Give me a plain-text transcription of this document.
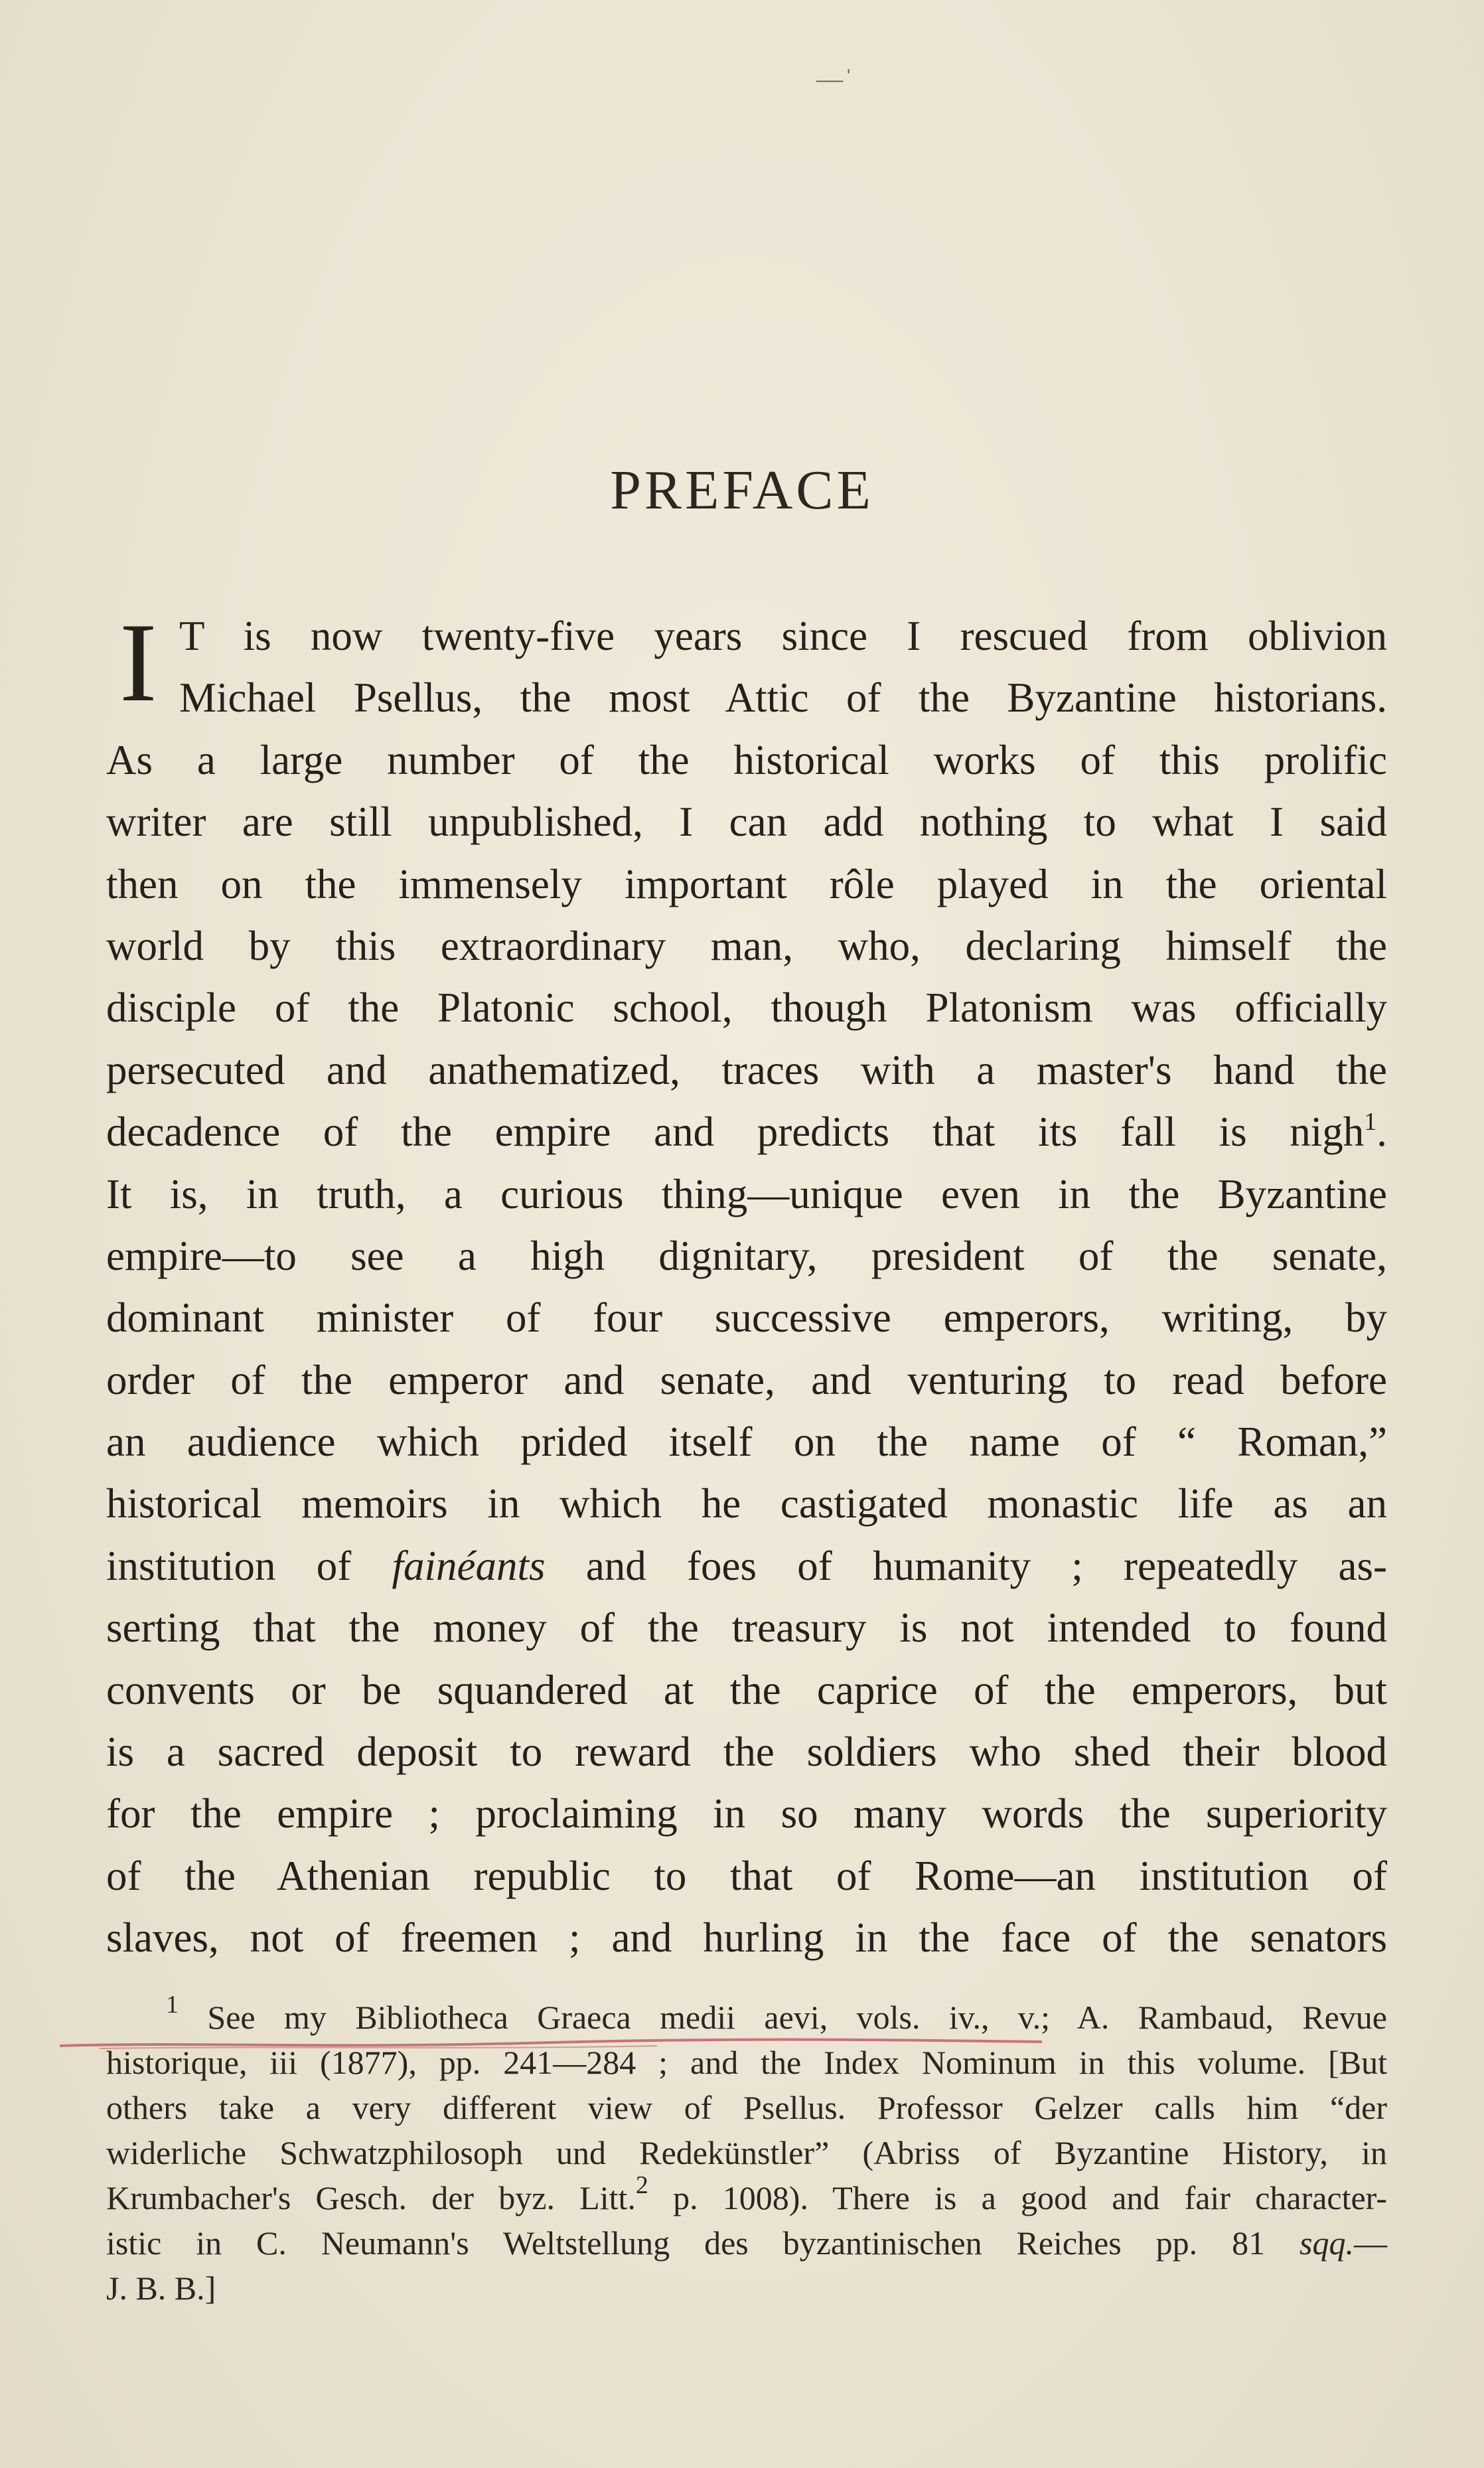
—ˈ
PREFACE
I T is now twenty-five years since I rescued from oblivion
Michael Psellus, the most Attic of the Byzantine historians.
As a large number of the historical works of this prolific
writer are still unpublished, I can add nothing to what I said
then on the immensely important rôle played in the oriental
world by this extraordinary man, who, declaring himself the
disciple of the Platonic school, though Platonism was officially
persecuted and anathematized, traces with a master's hand the
decadence of the empire and predicts that its fall is nigh$^1$.
It is, in truth, a curious thing—unique even in the Byzantine
empire—to see a high dignitary, president of the senate,
dominant minister of four successive emperors, writing, by
order of the emperor and senate, and venturing to read before
an audience which prided itself on the name of “ Roman,”
historical memoirs in which he castigated monastic life as an
institution of fainéants and foes of humanity ; repeatedly as-
serting that the money of the treasury is not intended to found
convents or be squandered at the caprice of the emperors, but
is a sacred deposit to reward the soldiers who shed their blood
for the empire ; proclaiming in so many words the superiority
of the Athenian republic to that of Rome—an institution of
slaves, not of freemen ; and hurling in the face of the senators
$^1$ See my Bibliotheca Graeca medii aevi, vols. iv., v.; A. Rambaud, Revue
historique, iii (1877), pp. 241—284 ; and the Index Nominum in this volume. [But
others take a very different view of Psellus. Professor Gelzer calls him “der
widerliche Schwatzphilosoph und Redekünstler” (Abriss of Byzantine History, in
Krumbacher's Gesch. der byz. Litt.$^2$ p. 1008). There is a good and fair character-
istic in C. Neumann's Weltstellung des byzantinischen Reiches pp. 81 sqq.—
J. B. B.]
